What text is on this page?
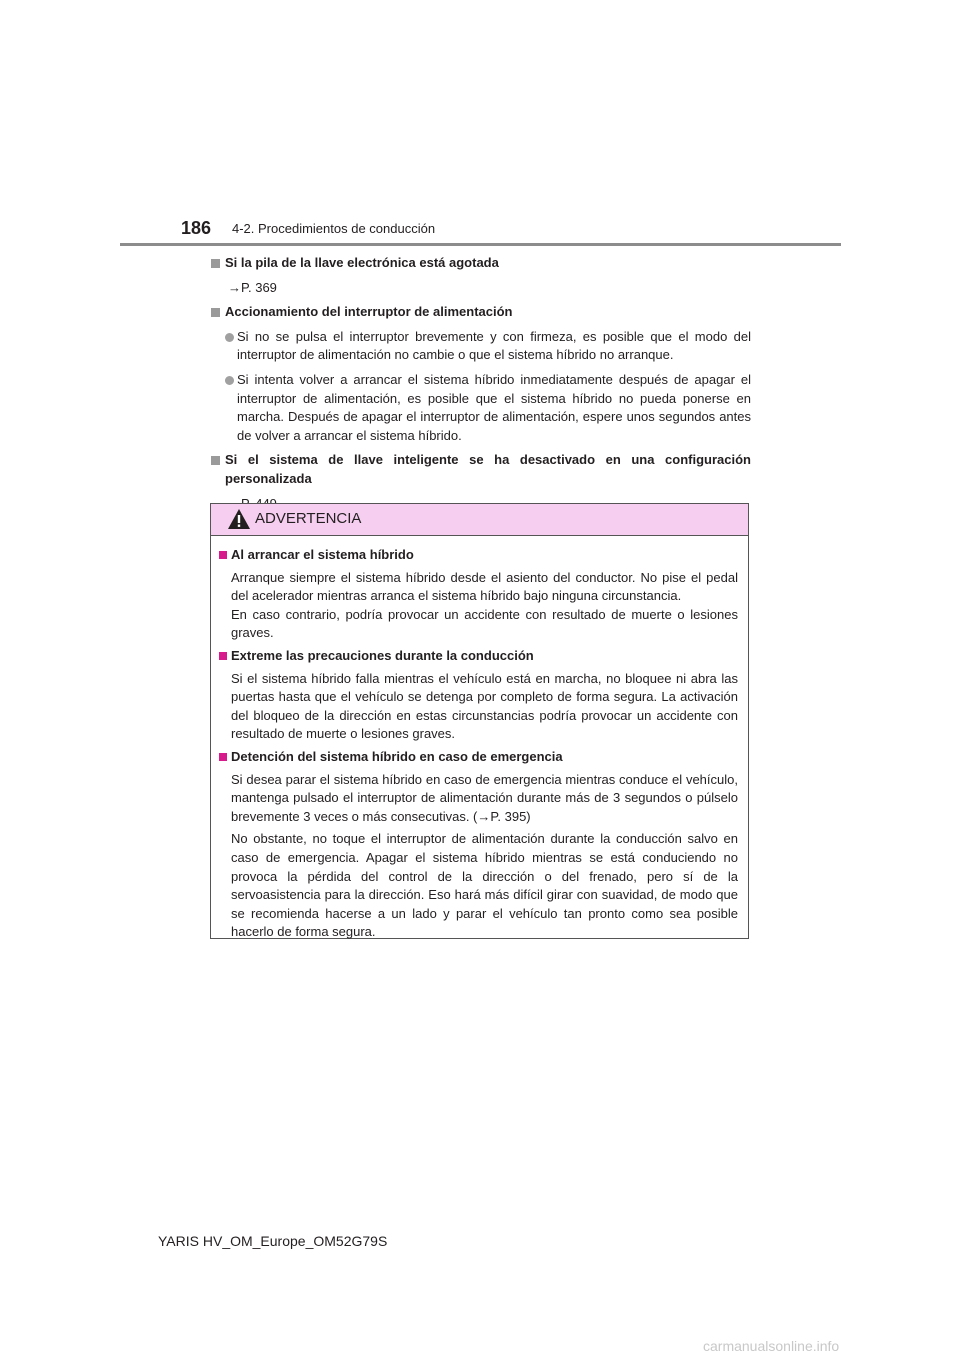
186 4-2. Procedimientos de conducción
Si la pila de la llave electrónica está agotada
→P. 369
Accionamiento del interruptor de alimentación
Si no se pulsa el interruptor brevemente y con firmeza, es posible que el modo del interruptor de alimentación no cambie o que el sistema híbrido no arranque.
Si intenta volver a arrancar el sistema híbrido inmediatamente después de apagar el interruptor de alimentación, es posible que el sistema híbrido no pueda ponerse en marcha. Después de apagar el interruptor de alimentación, espere unos segundos antes de volver a arrancar el sistema híbrido.
Si el sistema de llave inteligente se ha desactivado en una configuración personalizada
ADVERTENCIA
Al arrancar el sistema híbrido
Arranque siempre el sistema híbrido desde el asiento del conductor. No pise el pedal del acelerador mientras arranca el sistema híbrido bajo ninguna circunstancia.
En caso contrario, podría provocar un accidente con resultado de muerte o lesiones graves.
Extreme las precauciones durante la conducción
Si el sistema híbrido falla mientras el vehículo está en marcha, no bloquee ni abra las puertas hasta que el vehículo se detenga por completo de forma segura. La activación del bloqueo de la dirección en estas circunstancias podría provocar un accidente con resultado de muerte o lesiones graves.
Detención del sistema híbrido en caso de emergencia
Si desea parar el sistema híbrido en caso de emergencia mientras conduce el vehículo, mantenga pulsado el interruptor de alimentación durante más de 3 segundos o púlselo brevemente 3 veces o más consecutivas. (→P. 395)
No obstante, no toque el interruptor de alimentación durante la conducción salvo en caso de emergencia. Apagar el sistema híbrido mientras se está conduciendo no provoca la pérdida del control de la dirección o del frenado, pero sí de la servoasistencia para la dirección. Eso hará más difícil girar con suavidad, de modo que se recomienda hacerse a un lado y parar el vehículo tan pronto como sea posible hacerlo de forma segura.
YARIS HV_OM_Europe_OM52G79S
carmanualsonline.info
